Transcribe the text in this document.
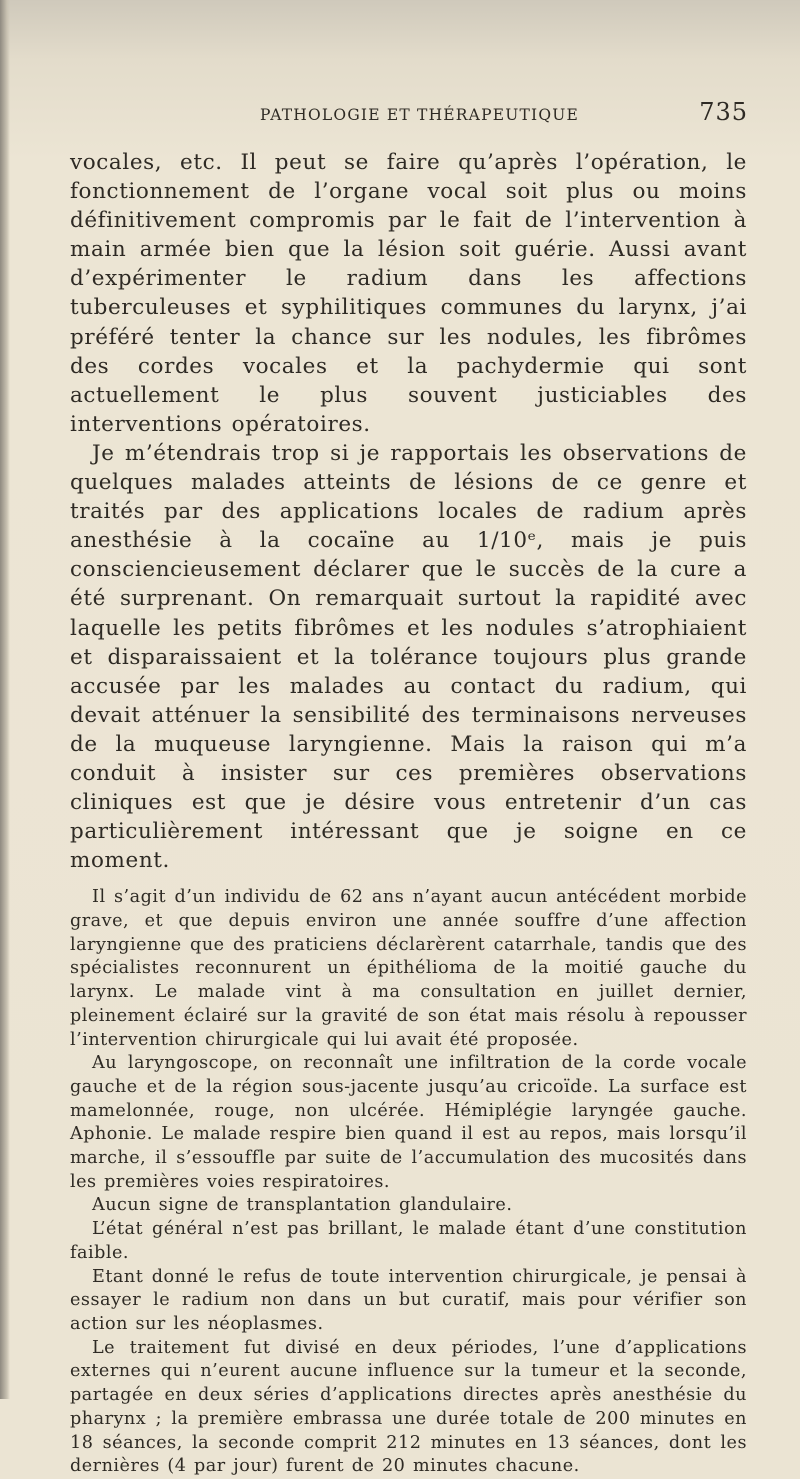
PATHOLOGIE ET THÉRAPEUTIQUE	735

vocales, etc. Il peut se faire qu’après l’opération, le fonctionnement de l’organe vocal soit plus ou moins définitivement compromis par le fait de l’intervention à main armée bien que la lésion soit guérie. Aussi avant d’expérimenter le radium dans les affections tuberculeuses et syphilitiques communes du larynx, j’ai préféré tenter la chance sur les nodules, les fibrômes des cordes vocales et la pachydermie qui sont actuellement le plus souvent justiciables des interventions opératoires.

Je m’étendrais trop si je rapportais les observations de quelques malades atteints de lésions de ce genre et traités par des applications locales de radium après anesthésie à la cocaïne au 1/10ᵉ, mais je puis consciencieusement déclarer que le succès de la cure a été surprenant. On remarquait surtout la rapidité avec laquelle les petits fibrômes et les nodules s’atrophiaient et disparaissaient et la tolérance toujours plus grande accusée par les malades au contact du radium, qui devait atténuer la sensibilité des terminaisons nerveuses de la muqueuse laryngienne. Mais la raison qui m’a conduit à insister sur ces premières observations cliniques est que je désire vous entretenir d’un cas particulièrement intéressant que je soigne en ce moment.

Il s’agit d’un individu de 62 ans n’ayant aucun antécédent morbide grave, et que depuis environ une année souffre d’une affection laryngienne que des praticiens déclarèrent catarrhale, tandis que des spécialistes reconnurent un épithélioma de la moitié gauche du larynx. Le malade vint à ma consultation en juillet dernier, pleinement éclairé sur la gravité de son état mais résolu à repousser l’intervention chirurgicale qui lui avait été proposée.

Au laryngoscope, on reconnaît une infiltration de la corde vocale gauche et de la région sous-jacente jusqu’au cricoïde. La surface est mamelonnée, rouge, non ulcérée. Hémiplégie laryngée gauche. Aphonie. Le malade respire bien quand il est au repos, mais lorsqu’il marche, il s’essouffle par suite de l’accumulation des mucosités dans les premières voies respiratoires.

Aucun signe de transplantation glandulaire.

L’état général n’est pas brillant, le malade étant d’une constitution faible.

Etant donné le refus de toute intervention chirurgicale, je pensai à essayer le radium non dans un but curatif, mais pour vérifier son action sur les néoplasmes.

Le traitement fut divisé en deux périodes, l’une d’applications externes qui n’eurent aucune influence sur la tumeur et la seconde, partagée en deux séries d’applications directes après anesthésie du pharynx ; la première embrassa une durée totale de 200 minutes en 18 séances, la seconde comprit 212 minutes en 13 séances, dont les dernières (4 par jour) furent de 20 minutes chacune.
